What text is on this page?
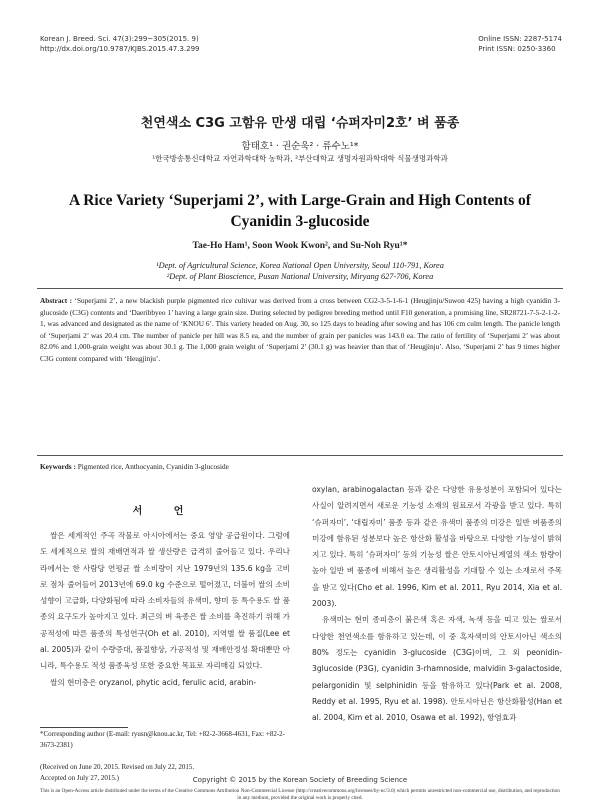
Korean J. Breed. Sci. 47(3):299~305(2015. 9)
http://dx.doi.org/10.9787/KJBS.2015.47.3.299
Online ISSN: 2287-5174
Print ISSN: 0250-3360
천연색소 C3G 고함유 만생 대립 ‘슈퍼자미2호’ 벼 품종
함태호¹ · 권순욱² · 류수노¹*
¹한국방송통신대학교 자연과학대학 농학과, ²부산대학교 생명자원과학대학 식물생명과학과
A Rice Variety ‘Superjami 2’, with Large-Grain and High Contents of Cyanidin 3-glucoside
Tae-Ho Ham¹, Soon Wook Kwon², and Su-Noh Ryu¹*
¹Dept. of Agricultural Science, Korea National Open University, Seoul 110-791, Korea
²Dept. of Plant Bioscience, Pusan National University, Miryang 627-706, Korea
Abstract : ‘Superjami 2’, a new blackish purple pigmented rice cultivar was derived from a cross between CG2-3-5-1-6-1 (Heugjinju/Suwon 425) having a high cyanidin 3-glucoside (C3G) contents and ‘Daeribbyeo 1’ having a large grain size. During selected by pedigree breeding method until F10 generation, a promising line, SR28721-7-5-2-1-2-1, was advanced and designated as the name of ‘KNOU 6’. This variety headed on Aug. 30, so 125 days to heading after sowing and has 106 cm culm length. The panicle length of ‘Superjami 2’ was 20.4 cm. The number of panicle per hill was 8.5 ea, and the number of grain per panicles was 143.0 ea. The ratio of fertility of ‘Superjami 2’ was about 82.0% and 1,000-grain weight was about 30.1 g. The 1,000 grain weight of ‘Superjami 2’ (30.1 g) was heavier than that of ‘Heugjinju’. Also, ‘Superjami 2’ has 9 times higher C3G content compared with ‘Heugjinju’.
Keywords : Pigmented rice, Anthocyanin, Cyanidin 3-glucoside
서 언

쌀은 세계적인 주곡 작물로 아시아에서는 중요 영양 공급원이다. 그럼에도 세계적으로 쌀의 재배면적과 쌀 생산량은 급격히 줄어들고 있다. 우리나라에서는 한 사람당 연평균 쌀 소비량이 지난 1979년의 135.6 kg을 고비로 점차 줄어들어 2013년에 69.0 kg 수준으로 떨어졌고, 더불어 쌀의 소비성향이 고급화, 다양화됨에 따라 소비자들의 유색미, 향미 등 특수용도 쌀 품종의 요구도가 높아지고 있다. 최근의 벼 육종은 쌀 소비를 촉진하기 위해 가공적성에 따른 품종의 특성연구(Oh et al. 2010), 지역별 쌀 품질(Lee et al. 2005)과 같이 수량증대, 품질향상, 가공적성 및 재배안정성 확대뿐만 아니라, 특수용도 적성 품종육성 또한 중요한 목표로 자리매김 되었다.

쌀의 현미층은 oryzanol, phytic acid, ferulic acid, arabin-

oxylan, arabinogalactan 등과 같은 다양한 유용성분이 포함되어 있다는 사실이 알려지면서 새로운 기능성 소재의 원료로서 각광을 받고 있다. 특히 ‘슈퍼자미’, ‘대립자미’ 품종 등과 같은 유색미 품종의 미강은 일반 벼품종의 미강에 함유된 성분보다 높은 항산화 활성을 바탕으로 다양한 기능성이 밝혀지고 있다. 특히 ‘슈퍼자미’ 등의 기능성 쌀은 안토시아닌계열의 색소 함량이 높아 일반 벼 품종에 비해서 높은 생리활성을 기대할 수 있는 소재로서 주목을 받고 있다(Cho et al. 1996, Kim et al. 2011, Ryu 2014, Xia et al. 2003).

유색미는 현미 종피층이 붉은색 혹은 자색, 녹색 등을 띠고 있는 쌀로서 다양한 천연색소를 함유하고 있는데, 이 중 흑자색미의 안토시아닌 색소의 80% 정도는 cyanidin 3-glucoside (C3G)이며, 그 외 peonidin-3glucoside (P3G), cyanidin 3-rhamnoside, malvidin 3-galactoside, pelargonidin 및 selphinidin 등을 함유하고 있다(Park et al. 2008, Reddy et al. 1995, Ryu et al. 1998). 안토시아닌은 항산화활성(Han et al. 2004, Kim et al. 2010, Osawa et al. 1992), 항염효과

*Corresponding author (E-mail: ryusn@knou.ac.kr, Tel: +82-2-3668-4631, Fax: +82-2-3673-2381)
(Received on June 20, 2015. Revised on July 22, 2015.
Accepted on July 27, 2015.)	Copyright © 2015 by the Korean Society of Breeding Science
This is an Open-Access article distributed under the terms of the Creative Commons Attribution Non-Commercial License (http://creativecommons.org/licenses/by-nc/3.0) which permits unrestricted non-commercial use, distribution, and reproduction in any medium, provided the original work is properly cited.
